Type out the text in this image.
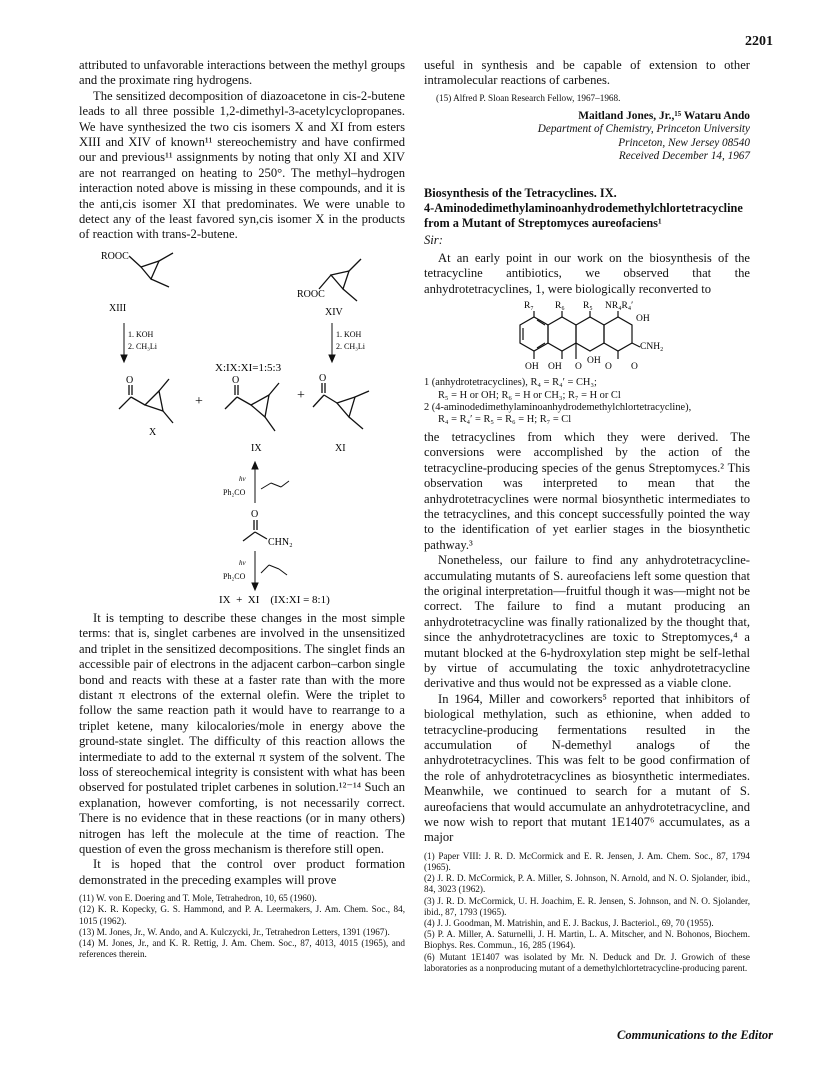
2201

attributed to unfavorable interactions between the methyl groups and the proximate ring hydrogens.

The sensitized decomposition of diazoacetone in cis-2-butene leads to all three possible 1,2-dimethyl-3-acetylcyclopropanes. We have synthesized the two cis isomers X and XI from esters XIII and XIV of known¹¹ stereochemistry and have confirmed our and previous¹¹ assignments by noting that only XI and XIV are not rearranged on heating to 250°. The methyl–hydrogen interaction noted above is missing in these compounds, and it is the anti,cis isomer XI that predominates. We were unable to detect any of the least favored syn,cis isomer X in the products of reaction with trans-2-butene.

ROOC
XIII
ROOC
XIV
1. KOH
2. CH₃Li
1. KOH
2. CH₃Li
X:IX:XI=1:5:3
O
X
+
O
IX
+
O
XI
hν
Ph₂CO
O
CHN₂
hν
Ph₂CO
IX  +  XI    (IX:XI = 8:1)

It is tempting to describe these changes in the most simple terms: that is, singlet carbenes are involved in the unsensitized and triplet in the sensitized decompositions. The singlet finds an accessible pair of electrons in the adjacent carbon–carbon single bond and reacts with these at a faster rate than with the more distant π electrons of the external olefin. Were the triplet to follow the same reaction path it would have to rearrange to a triplet ketene, many kilocalories/mole in energy above the ground-state singlet. The difficulty of this reaction allows the intermediate to add to the external π system of the solvent. The loss of stereochemical integrity is consistent with what has been observed for postulated triplet carbenes in solution.¹²⁻¹⁴ Such an explanation, however comforting, is not necessarily correct. There is no evidence that in these reactions (or in many others) nitrogen has left the molecule at the time of reaction. The question of even the gross mechanism is therefore still open.

It is hoped that the control over product formation demonstrated in the preceding examples will prove

(11) W. von E. Doering and T. Mole, Tetrahedron, 10, 65 (1960).

(12) K. R. Kopecky, G. S. Hammond, and P. A. Leermakers, J. Am. Chem. Soc., 84, 1015 (1962).

(13) M. Jones, Jr., W. Ando, and A. Kulczycki, Jr., Tetrahedron Letters, 1391 (1967).

(14) M. Jones, Jr., and K. R. Rettig, J. Am. Chem. Soc., 87, 4013, 4015 (1965), and references therein.

useful in synthesis and be capable of extension to other intramolecular reactions of carbenes.

(15) Alfred P. Sloan Research Fellow, 1967–1968.

Maitland Jones, Jr.,¹⁵ Wataru Ando

Department of Chemistry, Princeton University

Princeton, New Jersey 08540

Received December 14, 1967

Biosynthesis of the Tetracyclines. IX.

4-Aminodedimethylaminoanhydrodemethylchlortetracycline from a Mutant of Streptomyces aureofaciens¹

Sir:

At an early point in our work on the biosynthesis of the tetracycline antibiotics, we observed that the anhydrotetracyclines, 1, were biologically reconverted to

R₇ R₆ R₅ NR₄R₄′
OH
CNH₂
O
OH OH O
OH
O

1 (anhydrotetracyclines), R₄ = R₄′ = CH₃;

R₅ = H or OH; R₆ = H or CH₃; R₇ = H or Cl

2 (4-aminodedimethylaminoanhydrodemethylchlortetracycline),

R₄ = R₄′ = R₅ = R₆ = H; R₇ = Cl

the tetracyclines from which they were derived. The conversions were accomplished by the action of the tetracycline-producing species of the genus Streptomyces.² This observation was interpreted to mean that the anhydrotetracyclines were normal biosynthetic intermediates to the tetracyclines, and this concept successfully pointed the way to the identification of yet earlier stages in the biosynthetic pathway.³

Nonetheless, our failure to find any anhydrotetracycline-accumulating mutants of S. aureofaciens left some question that the original interpretation—fruitful though it was—might not be correct. The failure to find a mutant producing an anhydrotetracycline was finally rationalized by the thought that, since the anhydrotetracyclines are toxic to Streptomyces,⁴ a mutant blocked at the 6-hydroxylation step might be self-lethal by virtue of accumulating the toxic anhydrotetracycline derivative and thus would not be expressed as a viable clone.

In 1964, Miller and coworkers⁵ reported that inhibitors of biological methylation, such as ethionine, when added to tetracycline-producing fermentations resulted in the accumulation of N-demethyl analogs of the anhydrotetracyclines. This was felt to be good confirmation of the role of anhydrotetracyclines as biosynthetic intermediates. Meanwhile, we continued to search for a mutant of S. aureofaciens that would accumulate an anhydrotetracycline, and we now wish to report that mutant 1E1407⁶ accumulates, as a major

(1) Paper VIII: J. R. D. McCormick and E. R. Jensen, J. Am. Chem. Soc., 87, 1794 (1965).

(2) J. R. D. McCormick, P. A. Miller, S. Johnson, N. Arnold, and N. O. Sjolander, ibid., 84, 3023 (1962).

(3) J. R. D. McCormick, U. H. Joachim, E. R. Jensen, S. Johnson, and N. O. Sjolander, ibid., 87, 1793 (1965).

(4) J. J. Goodman, M. Matrishin, and E. J. Backus, J. Bacteriol., 69, 70 (1955).

(5) P. A. Miller, A. Saturnelli, J. H. Martin, L. A. Mitscher, and N. Bohonos, Biochem. Biophys. Res. Commun., 16, 285 (1964).

(6) Mutant 1E1407 was isolated by Mr. N. Deduck and Dr. J. Growich of these laboratories as a nonproducing mutant of a demethylchlortetracycline-producing parent.

Communications to the Editor
